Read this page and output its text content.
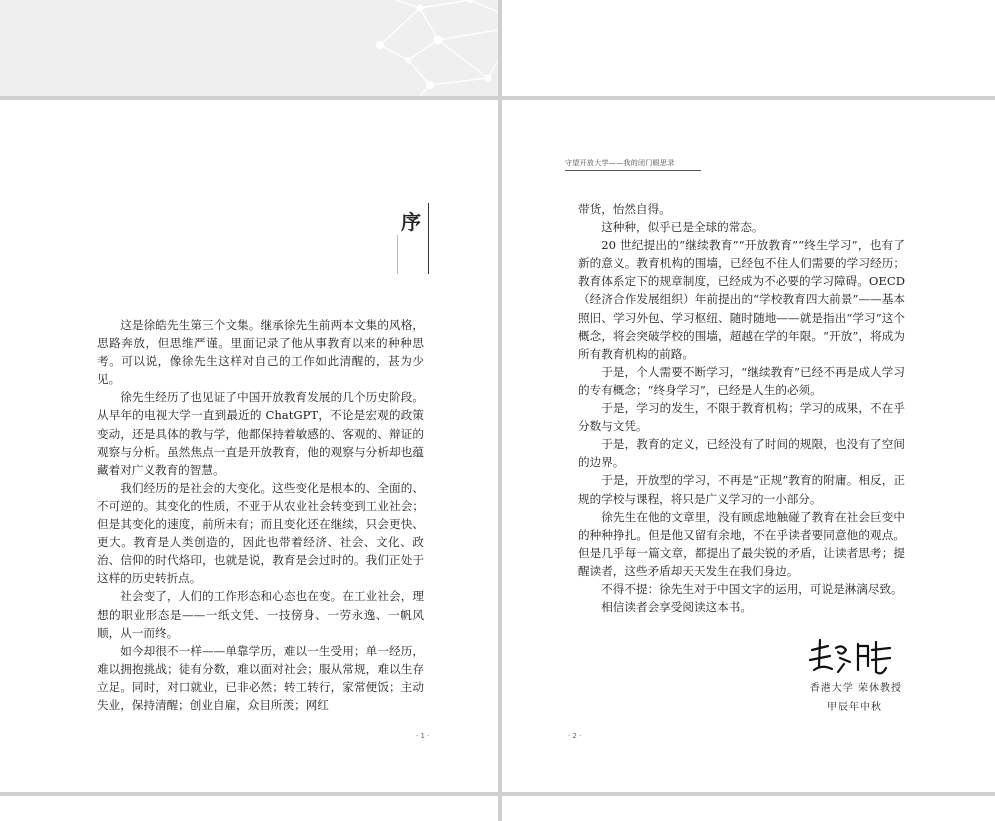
序

这是徐皓先生第三个文集。继承徐先生前两本文集的风格，思路奔放，但思维严谨。里面记录了他从事教育以来的种种思考。可以说，像徐先生这样对自己的工作如此清醒的，甚为少见。

徐先生经历了也见证了中国开放教育发展的几个历史阶段。从早年的电视大学一直到最近的 ChatGPT，不论是宏观的政策变动，还是具体的教与学，他都保持着敏感的、客观的、辩证的观察与分析。虽然焦点一直是开放教育，他的观察与分析却也蕴藏着对广义教育的智慧。

我们经历的是社会的大变化。这些变化是根本的、全面的、不可逆的。其变化的性质，不亚于从农业社会转变到工业社会；但是其变化的速度，前所未有；而且变化还在继续，只会更快、更大。教育是人类创造的，因此也带着经济、社会、文化、政治、信仰的时代烙印，也就是说，教育是会过时的。我们正处于这样的历史转折点。

社会变了，人们的工作形态和心态也在变。在工业社会，理想的职业形态是——一纸文凭、一技傍身、一劳永逸、一帆风顺，从一而终。

如今却很不一样——单靠学历，难以一生受用；单一经历，难以拥抱挑战；徒有分数，难以面对社会；服从常规，难以生存立足。同时，对口就业，已非必然；转工转行，家常便饭；主动失业，保持清醒；创业自雇，众目所羡；网红

· 1 ·
守望开放大学——我的闭门眼思录

带货，怡然自得。

这种种，似乎已是全球的常态。

20 世纪提出的“继续教育”“开放教育”“终生学习”，也有了新的意义。教育机构的围墙，已经包不住人们需要的学习经历；教育体系定下的规章制度，已经成为不必要的学习障碍。OECD（经济合作发展组织）年前提出的“学校教育四大前景”——基本照旧、学习外包、学习枢纽、随时随地——就是指出“学习”这个概念，将会突破学校的围墙，超越在学的年限。“开放”，将成为所有教育机构的前路。

于是，个人需要不断学习，“继续教育”已经不再是成人学习的专有概念；“终身学习”，已经是人生的必须。

于是，学习的发生，不限于教育机构；学习的成果，不在乎分数与文凭。

于是，教育的定义，已经没有了时间的规限，也没有了空间的边界。

于是，开放型的学习，不再是“正规”教育的附庸。相反，正规的学校与课程，将只是广义学习的一小部分。

徐先生在他的文章里，没有顾虑地触碰了教育在社会巨变中的种种挣扎。但是他又留有余地，不在乎读者要同意他的观点。但是几乎每一篇文章，都提出了最尖锐的矛盾，让读者思考；提醒读者，这些矛盾却天天发生在我们身边。

不得不提：徐先生对于中国文字的运用，可说是淋漓尽致。

相信读者会享受阅读这本书。

香港大学 荣休教授
甲辰年中秋
· 2 ·
